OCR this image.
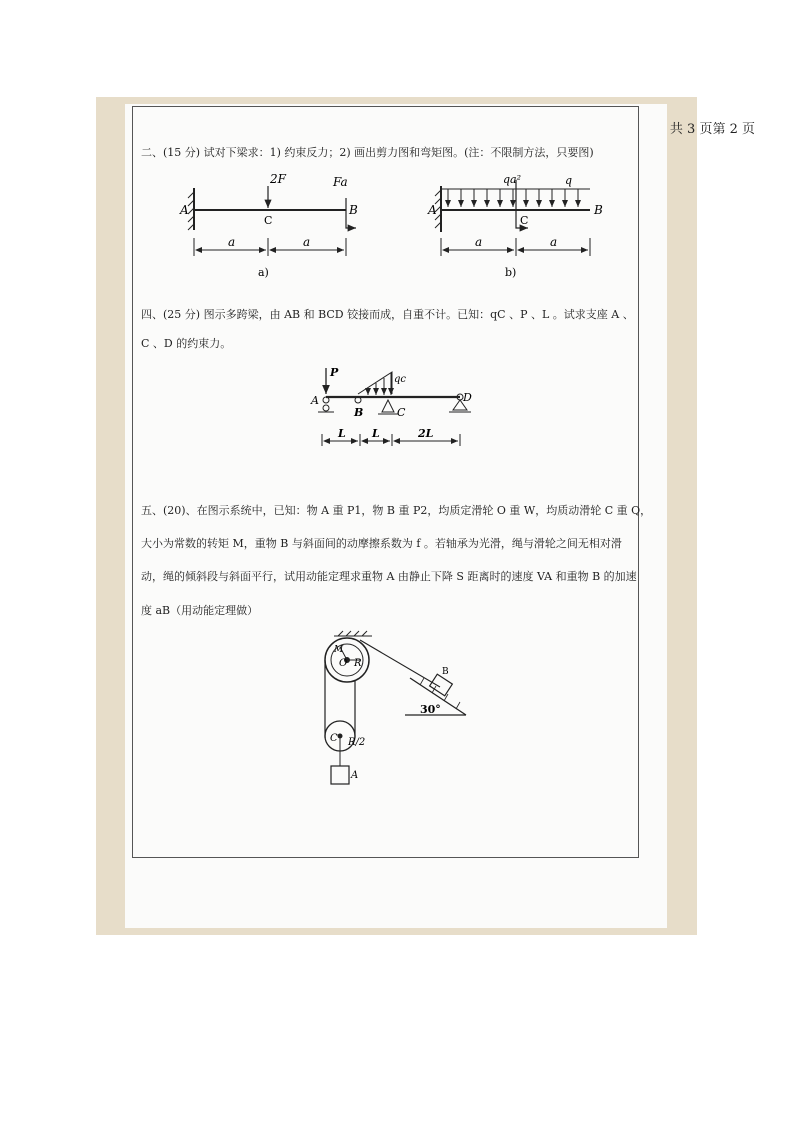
共 3 页第 2 页
二、(15 分) 试对下梁求：1) 约束反力；2) 画出剪力图和弯矩图。(注：不限制方法，只要图)
2F	Fa
A	B
C
a	a
a)
qa²	q
A	B
C
a	a
b)
P
qc
A
B	C
D
L L	2L
M
O R
C R/2
A
B
30°
四、(25 分) 图示多跨梁，由 AB 和 BCD 铰接而成，自重不计。已知：qC 、P 、L 。试求支座 A 、
C 、D 的约束力。
五、(20)、在图示系统中，已知：物 A 重 P1，物 B 重 P2，均质定滑轮 O 重 W，均质动滑轮 C 重 Q，
大小为常数的转矩 M，重物 B 与斜面间的动摩擦系数为 f 。若轴承为光滑，绳与滑轮之间无相对滑
动，绳的倾斜段与斜面平行，试用动能定理求重物 A 由静止下降 S 距离时的速度 VA 和重物 B 的加速
度 aB（用动能定理做）
